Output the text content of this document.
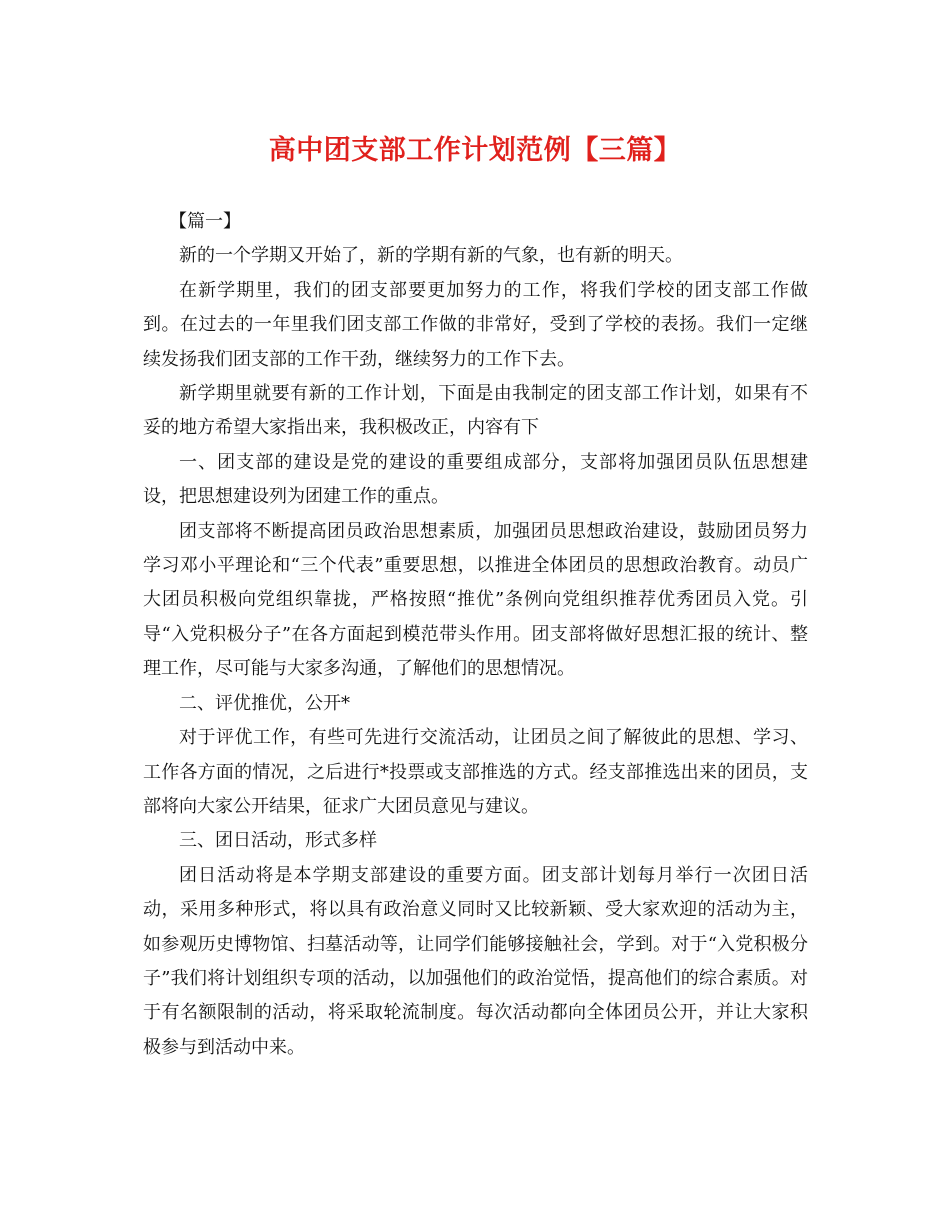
高中团支部工作计划范例【三篇】

【篇一】

新的一个学期又开始了，新的学期有新的气象，也有新的明天。

在新学期里，我们的团支部要更加努力的工作，将我们学校的团支部工作做到。在过去的一年里我们团支部工作做的非常好，受到了学校的表扬。我们一定继续发扬我们团支部的工作干劲，继续努力的工作下去。

新学期里就要有新的工作计划，下面是由我制定的团支部工作计划，如果有不妥的地方希望大家指出来，我积极改正，内容有下

一、团支部的建设是党的建设的重要组成部分，支部将加强团员队伍思想建设，把思想建设列为团建工作的重点。

团支部将不断提高团员政治思想素质，加强团员思想政治建设，鼓励团员努力学习邓小平理论和“三个代表”重要思想，以推进全体团员的思想政治教育。动员广大团员积极向党组织靠拢，严格按照“推优”条例向党组织推荐优秀团员入党。引导“入党积极分子”在各方面起到模范带头作用。团支部将做好思想汇报的统计、整理工作，尽可能与大家多沟通，了解他们的思想情况。

二、评优推优，公开*

对于评优工作，有些可先进行交流活动，让团员之间了解彼此的思想、学习、工作各方面的情况，之后进行*投票或支部推选的方式。经支部推选出来的团员，支部将向大家公开结果，征求广大团员意见与建议。

三、团日活动，形式多样

团日活动将是本学期支部建设的重要方面。团支部计划每月举行一次团日活动，采用多种形式，将以具有政治意义同时又比较新颖、受大家欢迎的活动为主，如参观历史博物馆、扫墓活动等，让同学们能够接触社会，学到。对于“入党积极分子”我们将计划组织专项的活动，以加强他们的政治觉悟，提高他们的综合素质。对于有名额限制的活动，将采取轮流制度。每次活动都向全体团员公开，并让大家积极参与到活动中来。
